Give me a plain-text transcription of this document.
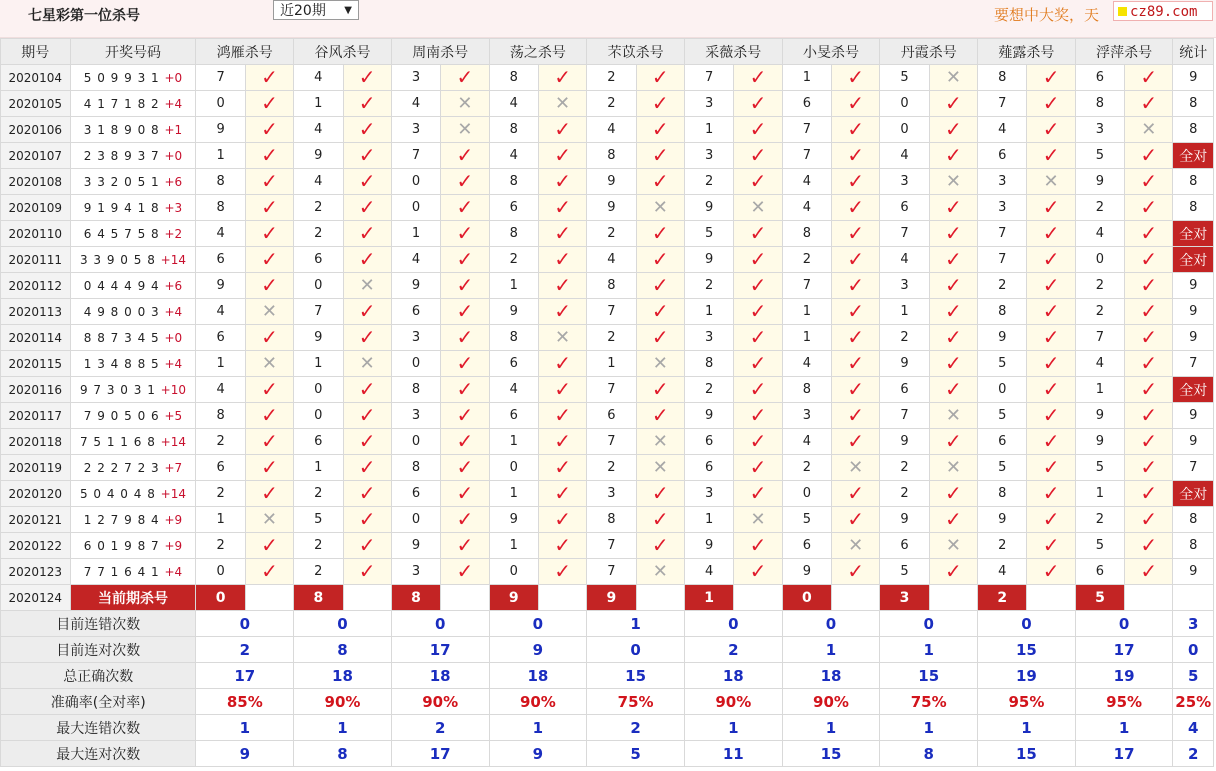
七星彩第一位杀号	近20期 ▼	要想中大奖，天	cz89.com
期号	开奖号码	鸿雁杀号		谷风杀号		周南杀号		荡之杀号		芣苡杀号		采薇杀号		小旻杀号		丹霞杀号		薤露杀号		浮萍杀号		统计
2020104	5 0 9 9 3 1 +0	7	✓	4	✓	3	✓	8	✓	2	✓	7	✓	1	✓	5	✕	8	✓	6	✓	9
2020105	4 1 7 1 8 2 +4	0	✓	1	✓	4	✕	4	✕	2	✓	3	✓	6	✓	0	✓	7	✓	8	✓	8
2020106	3 1 8 9 0 8 +1	9	✓	4	✓	3	✕	8	✓	4	✓	1	✓	7	✓	0	✓	4	✓	3	✕	8
2020107	2 3 8 9 3 7 +0	1	✓	9	✓	7	✓	4	✓	8	✓	3	✓	7	✓	4	✓	6	✓	5	✓	全对
2020108	3 3 2 0 5 1 +6	8	✓	4	✓	0	✓	8	✓	9	✓	2	✓	4	✓	3	✕	3	✕	9	✓	8
2020109	9 1 9 4 1 8 +3	8	✓	2	✓	0	✓	6	✓	9	✕	9	✕	4	✓	6	✓	3	✓	2	✓	8
2020110	6 4 5 7 5 8 +2	4	✓	2	✓	1	✓	8	✓	2	✓	5	✓	8	✓	7	✓	7	✓	4	✓	全对
2020111	3 3 9 0 5 8 +14	6	✓	6	✓	4	✓	2	✓	4	✓	9	✓	2	✓	4	✓	7	✓	0	✓	全对
2020112	0 4 4 4 9 4 +6	9	✓	0	✕	9	✓	1	✓	8	✓	2	✓	7	✓	3	✓	2	✓	2	✓	9
2020113	4 9 8 0 0 3 +4	4	✕	7	✓	6	✓	9	✓	7	✓	1	✓	1	✓	1	✓	8	✓	2	✓	9
2020114	8 8 7 3 4 5 +0	6	✓	9	✓	3	✓	8	✕	2	✓	3	✓	1	✓	2	✓	9	✓	7	✓	9
2020115	1 3 4 8 8 5 +4	1	✕	1	✕	0	✓	6	✓	1	✕	8	✓	4	✓	9	✓	5	✓	4	✓	7
2020116	9 7 3 0 3 1 +10	4	✓	0	✓	8	✓	4	✓	7	✓	2	✓	8	✓	6	✓	0	✓	1	✓	全对
2020117	7 9 0 5 0 6 +5	8	✓	0	✓	3	✓	6	✓	6	✓	9	✓	3	✓	7	✕	5	✓	9	✓	9
2020118	7 5 1 1 6 8 +14	2	✓	6	✓	0	✓	1	✓	7	✕	6	✓	4	✓	9	✓	6	✓	9	✓	9
2020119	2 2 2 7 2 3 +7	6	✓	1	✓	8	✓	0	✓	2	✕	6	✓	2	✕	2	✕	5	✓	5	✓	7
2020120	5 0 4 0 4 8 +14	2	✓	2	✓	6	✓	1	✓	3	✓	3	✓	0	✓	2	✓	8	✓	1	✓	全对
2020121	1 2 7 9 8 4 +9	1	✕	5	✓	0	✓	9	✓	8	✓	1	✕	5	✓	9	✓	9	✓	2	✓	8
2020122	6 0 1 9 8 7 +9	2	✓	2	✓	9	✓	1	✓	7	✓	9	✓	6	✕	6	✕	2	✓	5	✓	8
2020123	7 7 1 6 4 1 +4	0	✓	2	✓	3	✓	0	✓	7	✕	4	✓	9	✓	5	✓	4	✓	6	✓	9
2020124	当前期杀号	0		8		8		9		9		1		0		3		2		5		
目前连错次数		0		0		0		0		1		0		0		0		0		0		3
目前连对次数		2		8		17		9		0		2		1		1		15		17		0
总正确次数		17		18		18		18		15		18		18		15		19		19		5
准确率(全对率)		85%		90%		90%		90%		75%		90%		90%		75%		95%		95%		25%
最大连错次数		1		1		2		1		2		1		1		1		1		1		4
最大连对次数		9		8		17		9		5		11		15		8		15		17		2
